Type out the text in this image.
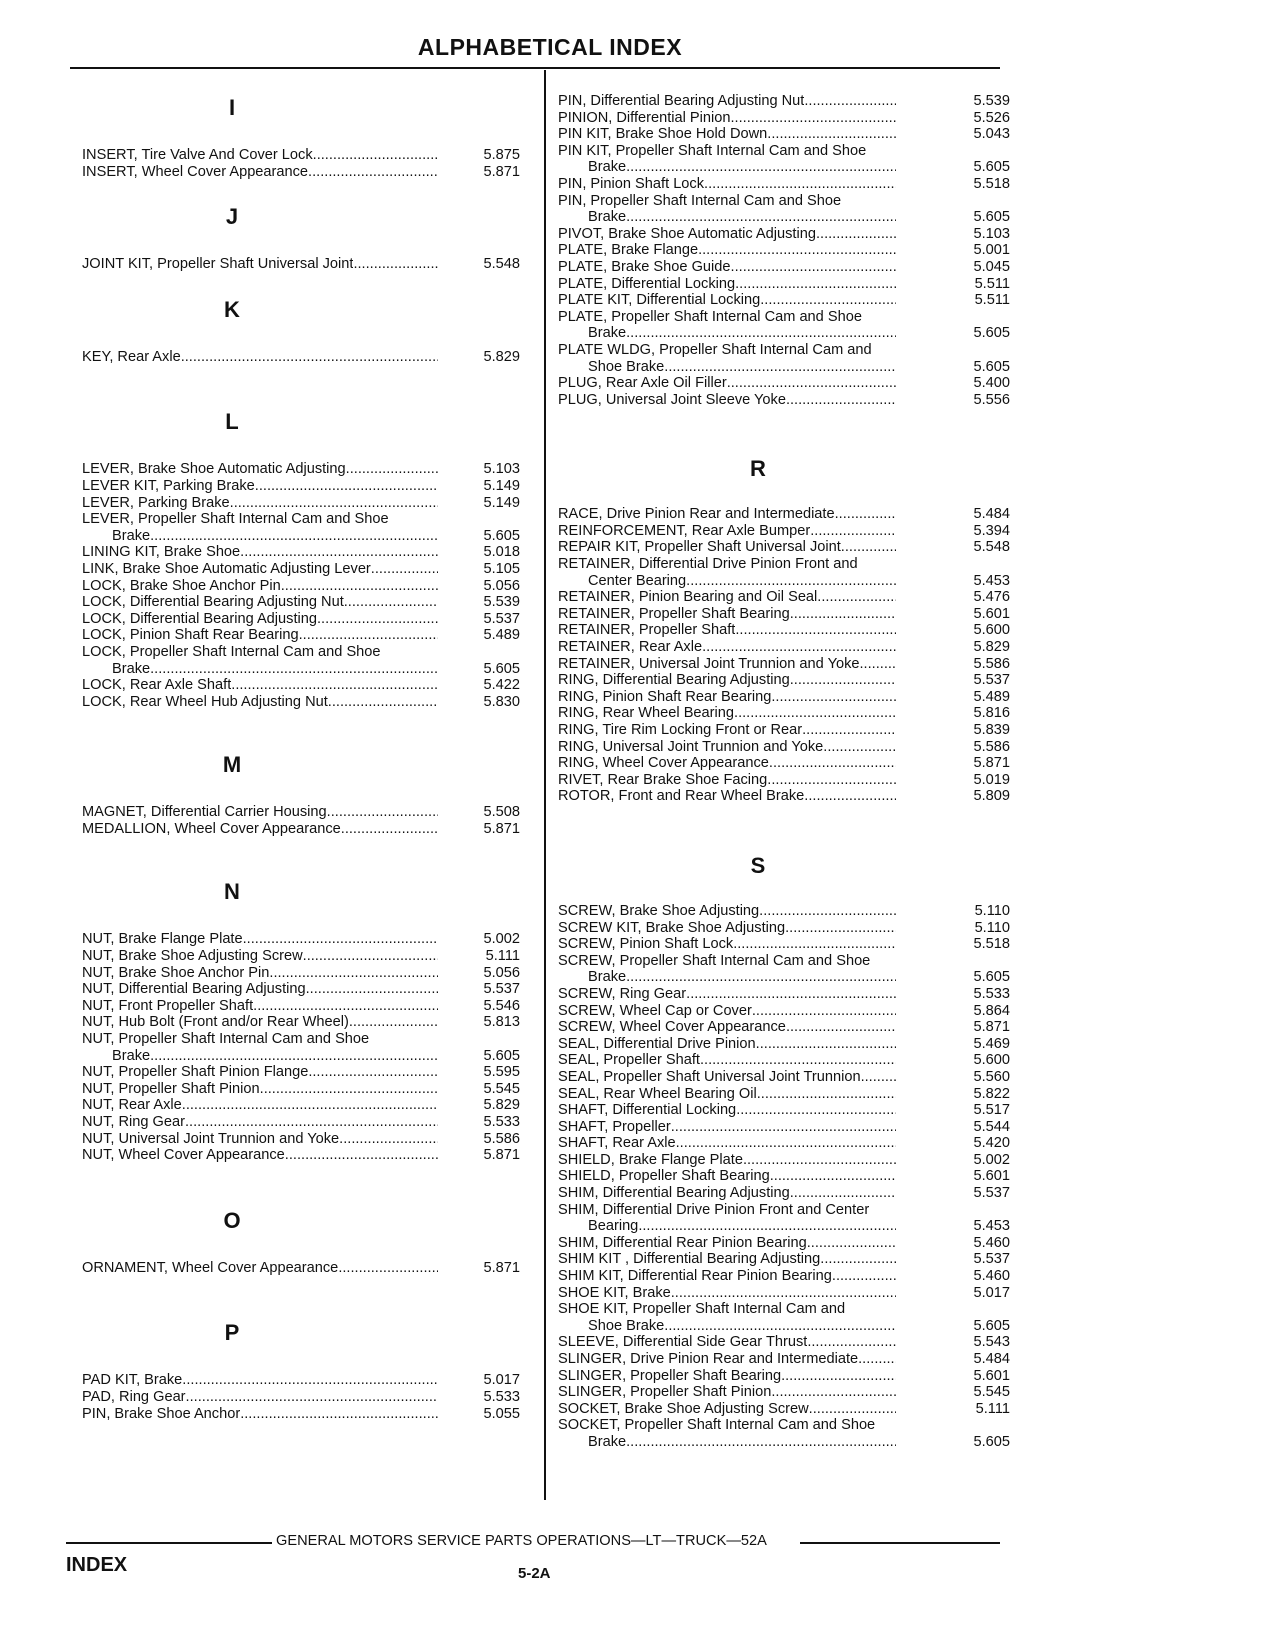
ALPHABETICAL INDEX
I
INSERT, Tire Valve And Cover Lock .....	5.875
INSERT, Wheel Cover Appearance .....	5.871
J
JOINT KIT, Propeller Shaft Universal Joint .....	5.548
K
KEY, Rear Axle .....	5.829
L
LEVER, Brake Shoe Automatic Adjusting .....	5.103
LEVER KIT, Parking Brake .....	5.149
LEVER, Parking Brake .....	5.149
LEVER, Propeller Shaft Internal Cam and Shoe
Brake .....	5.605
LINING KIT, Brake Shoe .....	5.018
LINK, Brake Shoe Automatic Adjusting Lever .....	5.105
LOCK, Brake Shoe Anchor Pin .....	5.056
LOCK, Differential Bearing Adjusting Nut .....	5.539
LOCK, Differential Bearing Adjusting .....	5.537
LOCK, Pinion Shaft Rear Bearing .....	5.489
LOCK, Propeller Shaft Internal Cam and Shoe
Brake .....	5.605
LOCK, Rear Axle Shaft .....	5.422
LOCK, Rear Wheel Hub Adjusting Nut .....	5.830
M
MAGNET, Differential Carrier Housing .....	5.508
MEDALLION, Wheel Cover Appearance .....	5.871
N
NUT, Brake Flange Plate .....	5.002
NUT, Brake Shoe Adjusting Screw .....	5.111
NUT, Brake Shoe Anchor Pin .....	5.056
NUT, Differential Bearing Adjusting .....	5.537
NUT, Front Propeller Shaft .....	5.546
NUT, Hub Bolt (Front and/or Rear Wheel) .....	5.813
NUT, Propeller Shaft Internal Cam and Shoe
Brake .....	5.605
NUT, Propeller Shaft Pinion Flange .....	5.595
NUT, Propeller Shaft Pinion .....	5.545
NUT, Rear Axle .....	5.829
NUT, Ring Gear .....	5.533
NUT, Universal Joint Trunnion and Yoke .....	5.586
NUT, Wheel Cover Appearance .....	5.871
O
ORNAMENT, Wheel Cover Appearance .....	5.871
P
PAD KIT, Brake .....	5.017
PAD, Ring Gear .....	5.533
PIN, Brake Shoe Anchor .....	5.055
PIN, Differential Bearing Adjusting Nut .....	5.539
PINION, Differential Pinion .....	5.526
PIN KIT, Brake Shoe Hold Down .....	5.043
PIN KIT, Propeller Shaft Internal Cam and Shoe
Brake .....	5.605
PIN, Pinion Shaft Lock .....	5.518
PIN, Propeller Shaft Internal Cam and Shoe
Brake .....	5.605
PIVOT, Brake Shoe Automatic Adjusting .....	5.103
PLATE, Brake Flange .....	5.001
PLATE, Brake Shoe Guide .....	5.045
PLATE, Differential Locking .....	5.511
PLATE KIT, Differential Locking .....	5.511
PLATE, Propeller Shaft Internal Cam and Shoe
Brake .....	5.605
PLATE WLDG, Propeller Shaft Internal Cam and
Shoe Brake .....	5.605
PLUG, Rear Axle Oil Filler .....	5.400
PLUG, Universal Joint Sleeve Yoke .....	5.556
R
RACE, Drive Pinion Rear and Intermediate .....	5.484
REINFORCEMENT, Rear Axle Bumper .....	5.394
REPAIR KIT, Propeller Shaft Universal Joint .....	5.548
RETAINER, Differential Drive Pinion Front and
Center Bearing .....	5.453
RETAINER, Pinion Bearing and Oil Seal .....	5.476
RETAINER, Propeller Shaft Bearing .....	5.601
RETAINER, Propeller Shaft .....	5.600
RETAINER, Rear Axle .....	5.829
RETAINER, Universal Joint Trunnion and Yoke .....	5.586
RING, Differential Bearing Adjusting .....	5.537
RING, Pinion Shaft Rear Bearing .....	5.489
RING, Rear Wheel Bearing .....	5.816
RING, Tire Rim Locking Front or Rear .....	5.839
RING, Universal Joint Trunnion and Yoke .....	5.586
RING, Wheel Cover Appearance .....	5.871
RIVET, Rear Brake Shoe Facing .....	5.019
ROTOR, Front and Rear Wheel Brake .....	5.809
S
SCREW, Brake Shoe Adjusting .....	5.110
SCREW KIT, Brake Shoe Adjusting .....	5.110
SCREW, Pinion Shaft Lock .....	5.518
SCREW, Propeller Shaft Internal Cam and Shoe
Brake .....	5.605
SCREW, Ring Gear .....	5.533
SCREW, Wheel Cap or Cover .....	5.864
SCREW, Wheel Cover Appearance .....	5.871
SEAL, Differential Drive Pinion .....	5.469
SEAL, Propeller Shaft .....	5.600
SEAL, Propeller Shaft Universal Joint Trunnion .....	5.560
SEAL, Rear Wheel Bearing Oil .....	5.822
SHAFT, Differential Locking .....	5.517
SHAFT, Propeller .....	5.544
SHAFT, Rear Axle .....	5.420
SHIELD, Brake Flange Plate .....	5.002
SHIELD, Propeller Shaft Bearing .....	5.601
SHIM, Differential Bearing Adjusting .....	5.537
SHIM, Differential Drive Pinion Front and Center
Bearing .....	5.453
SHIM, Differential Rear Pinion Bearing .....	5.460
SHIM KIT , Differential Bearing Adjusting .....	5.537
SHIM KIT, Differential Rear Pinion Bearing .....	5.460
SHOE KIT, Brake .....	5.017
SHOE KIT, Propeller Shaft Internal Cam and
Shoe Brake .....	5.605
SLEEVE, Differential Side Gear Thrust .....	5.543
SLINGER, Drive Pinion Rear and Intermediate .....	5.484
SLINGER, Propeller Shaft Bearing .....	5.601
SLINGER, Propeller Shaft Pinion .....	5.545
SOCKET, Brake Shoe Adjusting Screw .....	5.111
SOCKET, Propeller Shaft Internal Cam and Shoe
Brake .....	5.605
GENERAL MOTORS SERVICE PARTS OPERATIONS—LT—TRUCK—52A
INDEX	5-2A
